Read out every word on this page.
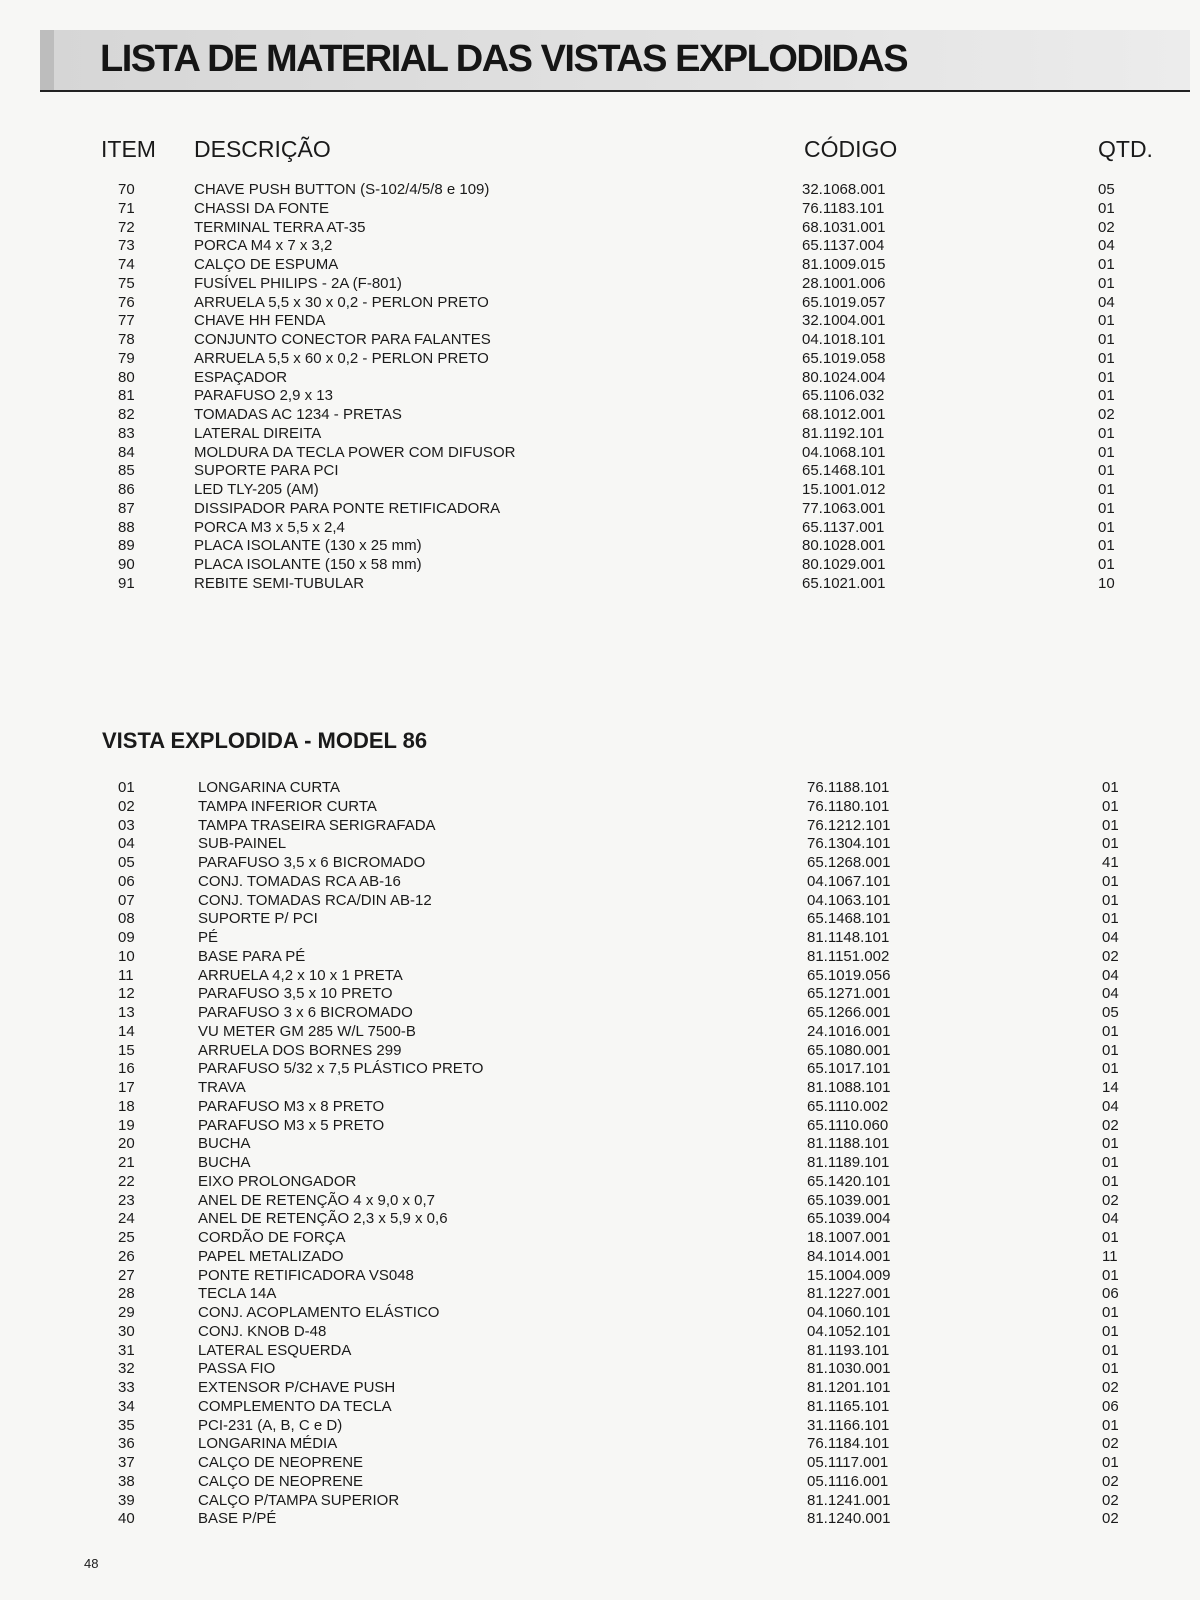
LISTA DE MATERIAL DAS VISTAS EXPLODIDAS
ITEM DESCRIÇÃO	CÓDIGO	QTD.
70	CHAVE PUSH BUTTON (S-102/4/5/8 e 109)	32.1068.001	05
71	CHASSI DA FONTE	76.1183.101	01
72	TERMINAL TERRA AT-35	68.1031.001	02
73	PORCA M4 x 7 x 3,2	65.1137.004	04
74	CALÇO DE ESPUMA	81.1009.015	01
75	FUSÍVEL PHILIPS - 2A (F-801)	28.1001.006	01
76	ARRUELA 5,5 x 30 x 0,2 - PERLON PRETO	65.1019.057	04
77	CHAVE HH FENDA	32.1004.001	01
78	CONJUNTO CONECTOR PARA FALANTES	04.1018.101	01
79	ARRUELA 5,5 x 60 x 0,2 - PERLON PRETO	65.1019.058	01
80	ESPAÇADOR	80.1024.004	01
81	PARAFUSO 2,9 x 13	65.1106.032	01
82	TOMADAS AC 1234 - PRETAS	68.1012.001	02
83	LATERAL DIREITA	81.1192.101	01
84	MOLDURA DA TECLA POWER COM DIFUSOR	04.1068.101	01
85	SUPORTE PARA PCI	65.1468.101	01
86	LED TLY-205 (AM)	15.1001.012	01
87	DISSIPADOR PARA PONTE RETIFICADORA	77.1063.001	01
88	PORCA M3 x 5,5 x 2,4	65.1137.001	01
89	PLACA ISOLANTE (130 x 25 mm)	80.1028.001	01
90	PLACA ISOLANTE (150 x 58 mm)	80.1029.001	01
91	REBITE SEMI-TUBULAR	65.1021.001	10
VISTA EXPLODIDA - MODEL 86
01	LONGARINA CURTA	76.1188.101	01
02	TAMPA INFERIOR CURTA	76.1180.101	01
03	TAMPA TRASEIRA SERIGRAFADA	76.1212.101	01
04	SUB-PAINEL	76.1304.101	01
05	PARAFUSO 3,5 x 6 BICROMADO	65.1268.001	41
06	CONJ. TOMADAS RCA AB-16	04.1067.101	01
07	CONJ. TOMADAS RCA/DIN AB-12	04.1063.101	01
08	SUPORTE P/ PCI	65.1468.101	01
09	PÉ	81.1148.101	04
10	BASE PARA PÉ	81.1151.002	02
11	ARRUELA 4,2 x 10 x 1 PRETA	65.1019.056	04
12	PARAFUSO 3,5 x 10 PRETO	65.1271.001	04
13	PARAFUSO 3 x 6 BICROMADO	65.1266.001	05
14	VU METER GM 285 W/L 7500-B	24.1016.001	01
15	ARRUELA DOS BORNES 299	65.1080.001	01
16	PARAFUSO 5/32 x 7,5 PLÁSTICO PRETO	65.1017.101	01
17	TRAVA	81.1088.101	14
18	PARAFUSO M3 x 8 PRETO	65.1110.002	04
19	PARAFUSO M3 x 5 PRETO	65.1110.060	02
20	BUCHA	81.1188.101	01
21	BUCHA	81.1189.101	01
22	EIXO PROLONGADOR	65.1420.101	01
23	ANEL DE RETENÇÃO 4 x 9,0 x 0,7	65.1039.001	02
24	ANEL DE RETENÇÃO 2,3 x 5,9 x 0,6	65.1039.004	04
25	CORDÃO DE FORÇA	18.1007.001	01
26	PAPEL METALIZADO	84.1014.001	11
27	PONTE RETIFICADORA VS048	15.1004.009	01
28	TECLA 14A	81.1227.001	06
29	CONJ. ACOPLAMENTO ELÁSTICO	04.1060.101	01
30	CONJ. KNOB D-48	04.1052.101	01
31	LATERAL ESQUERDA	81.1193.101	01
32	PASSA FIO	81.1030.001	01
33	EXTENSOR P/CHAVE PUSH	81.1201.101	02
34	COMPLEMENTO DA TECLA	81.1165.101	06
35	PCI-231 (A, B, C e D)	31.1166.101	01
36	LONGARINA MÉDIA	76.1184.101	02
37	CALÇO DE NEOPRENE	05.1117.001	01
38	CALÇO DE NEOPRENE	05.1116.001	02
39	CALÇO P/TAMPA SUPERIOR	81.1241.001	02
40	BASE P/PÉ	81.1240.001	02
48
